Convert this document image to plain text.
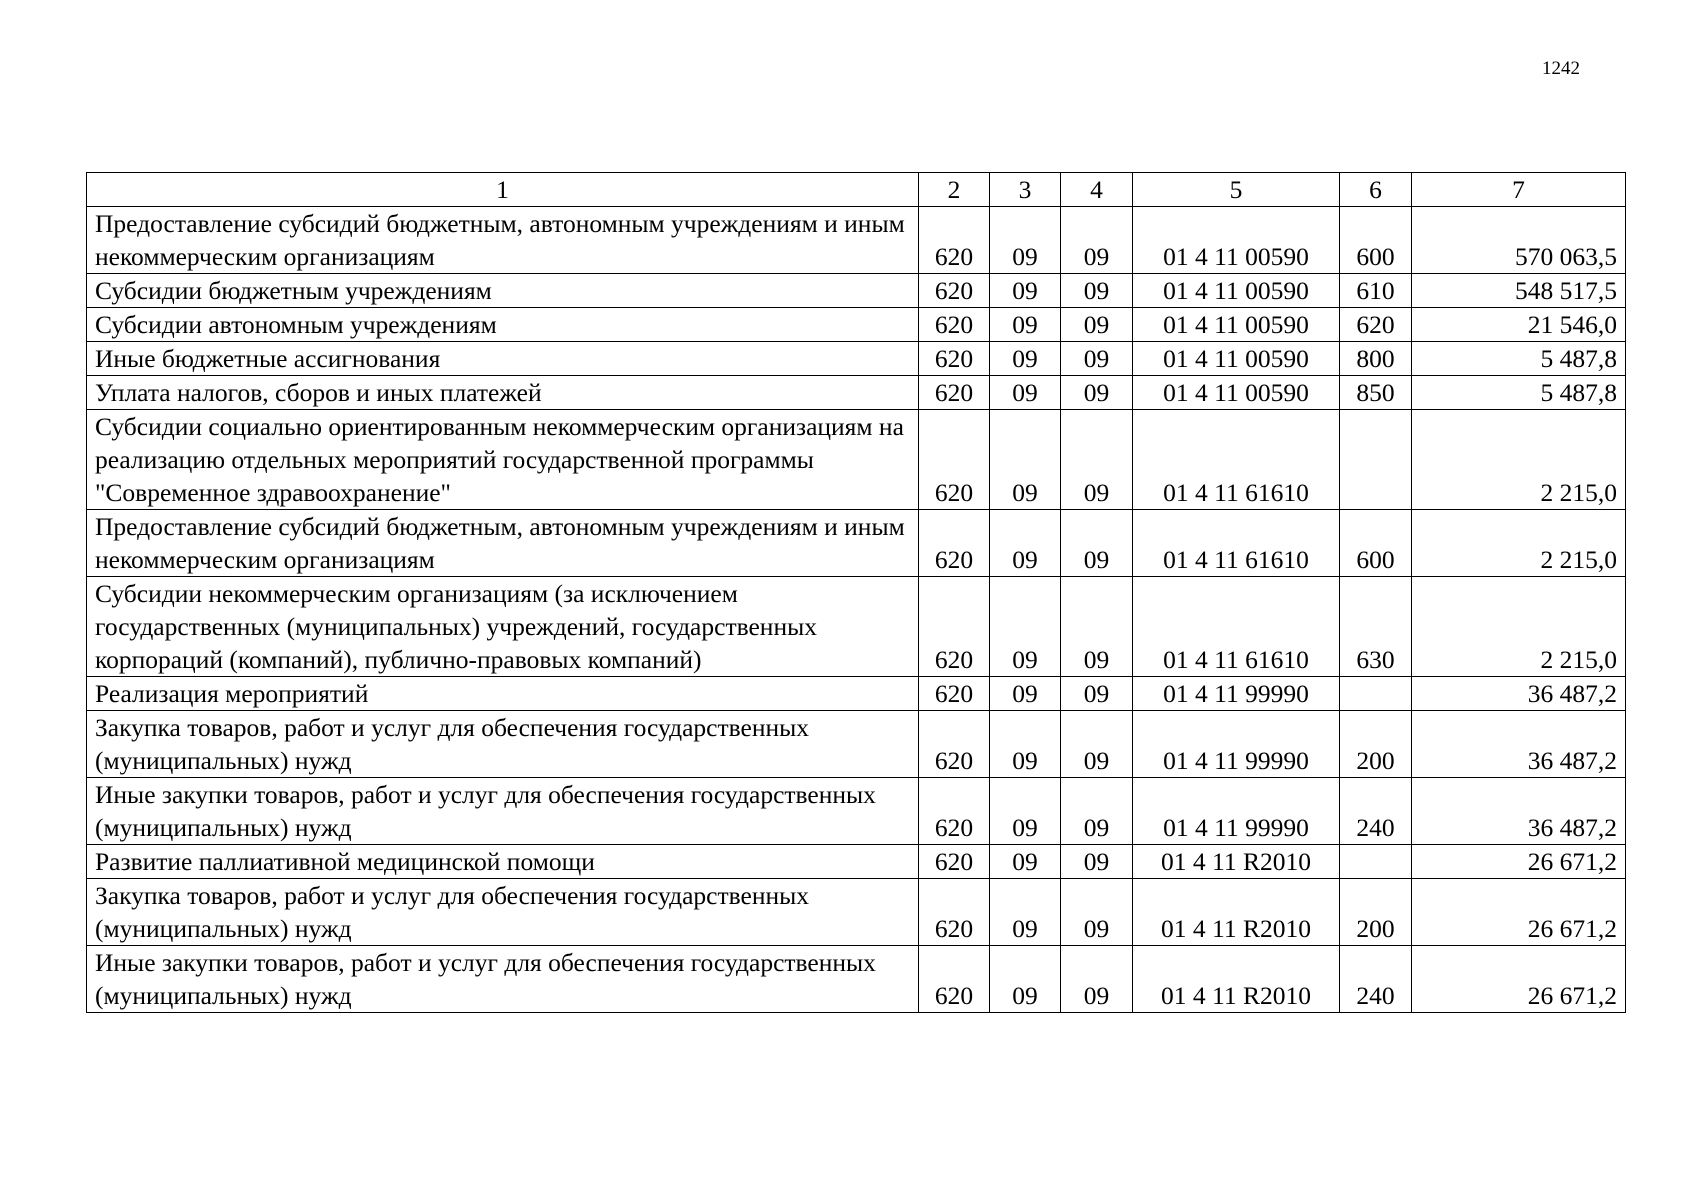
1242
1	2	3	4	5	6	7
Предоставление субсидий бюджетным, автономным учреждениям и иным некоммерческим организациям	620	09	09	01 4 11 00590	600	570 063,5
Субсидии бюджетным учреждениям	620	09	09	01 4 11 00590	610	548 517,5
Субсидии автономным учреждениям	620	09	09	01 4 11 00590	620	21 546,0
Иные бюджетные ассигнования	620	09	09	01 4 11 00590	800	5 487,8
Уплата налогов, сборов и иных платежей	620	09	09	01 4 11 00590	850	5 487,8
Субсидии социально ориентированным некоммерческим организациям на реализацию отдельных мероприятий государственной программы "Современное здравоохранение"	620	09	09	01 4 11 61610		2 215,0
Предоставление субсидий бюджетным, автономным учреждениям и иным некоммерческим организациям	620	09	09	01 4 11 61610	600	2 215,0
Субсидии некоммерческим организациям (за исключением государственных (муниципальных) учреждений, государственных корпораций (компаний), публично-правовых компаний)	620	09	09	01 4 11 61610	630	2 215,0
Реализация мероприятий	620	09	09	01 4 11 99990		36 487,2
Закупка товаров, работ и услуг для обеспечения государственных (муниципальных) нужд	620	09	09	01 4 11 99990	200	36 487,2
Иные закупки товаров, работ и услуг для обеспечения государственных (муниципальных) нужд	620	09	09	01 4 11 99990	240	36 487,2
Развитие паллиативной медицинской помощи	620	09	09	01 4 11 R2010		26 671,2
Закупка товаров, работ и услуг для обеспечения государственных (муниципальных) нужд	620	09	09	01 4 11 R2010	200	26 671,2
Иные закупки товаров, работ и услуг для обеспечения государственных (муниципальных) нужд	620	09	09	01 4 11 R2010	240	26 671,2
